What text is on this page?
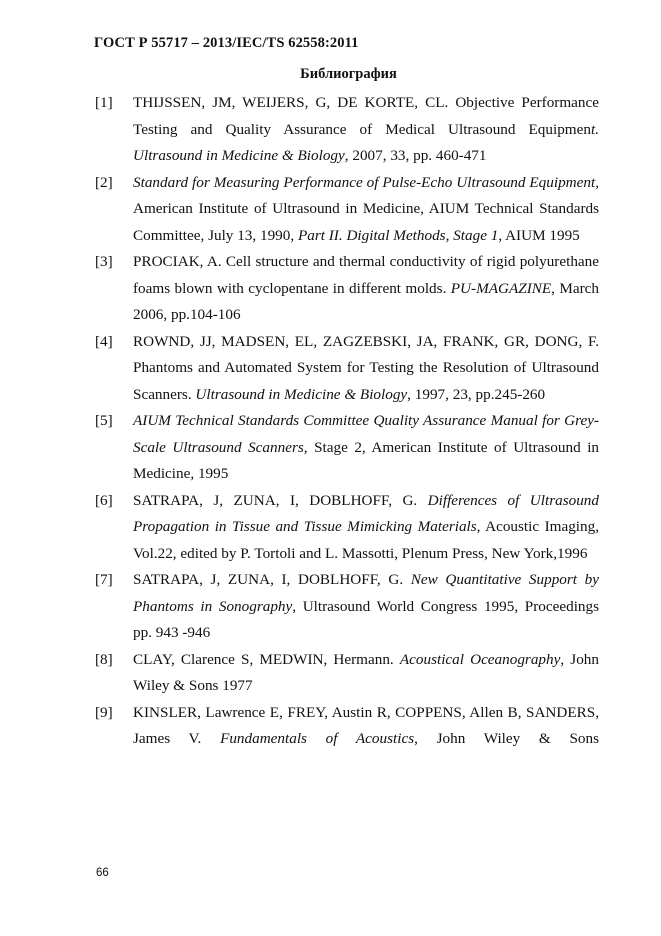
ГОСТ Р 55717 – 2013/IEC/TS 62558:2011
Библиография
[1]	THIJSSEN, JM, WEIJERS, G, DE KORTE, CL. Objective Performance Testing and Quality Assurance of Medical Ultrasound Equipment. Ultrasound in Medicine & Biology, 2007, 33, pp. 460-471
[2]	Standard for Measuring Performance of Pulse-Echo Ultrasound Equipment, American Institute of Ultrasound in Medicine, AIUM Technical Standards Committee, July 13, 1990, Part II. Digital Methods, Stage 1, AIUM 1995
[3]	PROCIAK, A. Cell structure and thermal conductivity of rigid polyurethane foams blown with cyclopentane in different molds. PU-MAGAZINE, March 2006, pp.104-106
[4]	ROWND, JJ, MADSEN, EL, ZAGZEBSKI, JA, FRANK, GR, DONG, F. Phantoms and Automated System for Testing the Resolution of Ultrasound Scanners. Ultrasound in Medicine & Biology, 1997, 23, pp.245-260
[5]	AIUM Technical Standards Committee Quality Assurance Manual for Grey-Scale Ultrasound Scanners, Stage 2, American Institute of Ultrasound in Medicine, 1995
[6]	SATRAPA, J, ZUNA, I, DOBLHOFF, G. Differences of Ultrasound Propagation in Tissue and Tissue Mimicking Materials, Acoustic Imaging, Vol.22, edited by P. Tortoli and L. Massotti, Plenum Press, New York,1996
[7]	SATRAPA, J, ZUNA, I, DOBLHOFF, G. New Quantitative Support by Phantoms in Sonography, Ultrasound World Congress 1995, Proceedings pp. 943 -946
[8]	CLAY, Clarence S, MEDWIN, Hermann. Acoustical Oceanography, John Wiley & Sons 1977
[9]	KINSLER, Lawrence E, FREY, Austin R, COPPENS, Allen B, SANDERS, James V. Fundamentals of Acoustics, John Wiley & Sons
66
